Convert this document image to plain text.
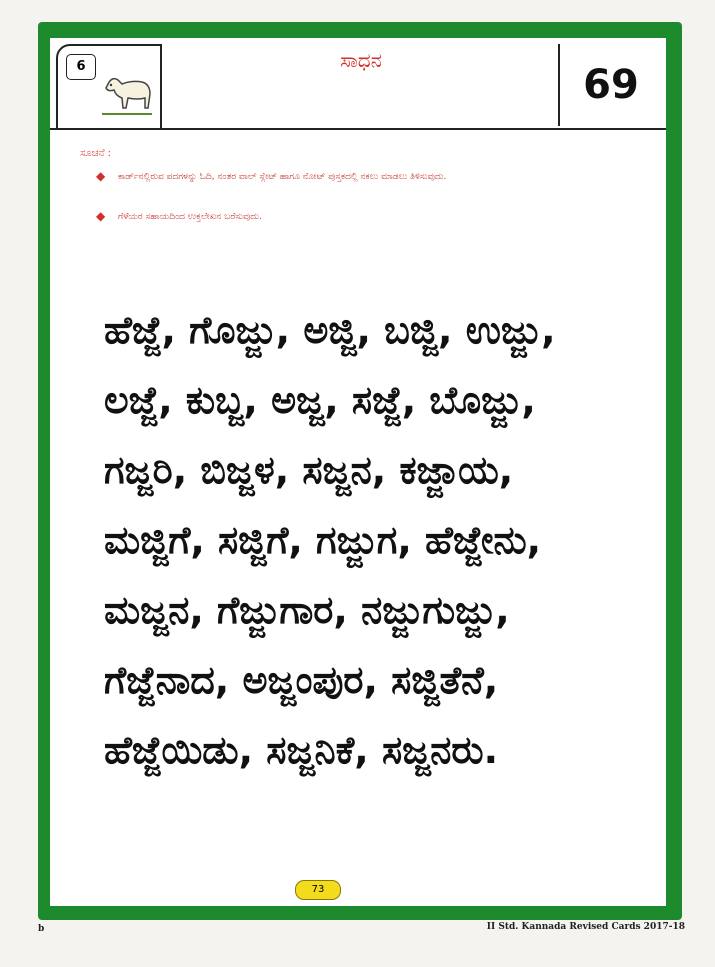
6	ಸಾಧನ
69
ಸೂಚನೆ :
◆ ಕಾರ್ಡ್‌ನಲ್ಲಿರುವ ಪದಗಳನ್ನು ಓದಿ, ನಂತರ ವಾಲ್ ಸ್ಲೇಟ್ ಹಾಗೂ ನೋಟ್ ಪುಸ್ತಕದಲ್ಲಿ ನಕಲು ಮಾಡಲು ತಿಳಿಸುವುದು.
◆ ಗೆಳೆಯರ ಸಹಾಯದಿಂದ ಉಕ್ತಲೇಖನ ಬರೆಸುವುದು.
ಹೆಜ್ಜೆ, ಗೊಜ್ಜು, ಅಜ್ಜಿ, ಬಜ್ಜಿ, ಉಜ್ಜು,
ಲಜ್ಜೆ, ಕುಬ್ಜ, ಅಜ್ಜ, ಸಜ್ಜೆ, ಬೊಜ್ಜು,
ಗಜ್ಜರಿ, ಬಿಜ್ಜಳ, ಸಜ್ಜನ, ಕಜ್ಜಾಯ,
ಮಜ್ಜಿಗೆ, ಸಜ್ಜಿಗೆ, ಗಜ್ಜುಗ, ಹೆಜ್ಜೇನು,
ಮಜ್ಜನ, ಗೆಜ್ಜುಗಾರ, ನಜ್ಜುಗುಜ್ಜು,
ಗೆಜ್ಜೆನಾದ, ಅಜ್ಜಂಪುರ, ಸಜ್ಜಿತೆನೆ,
ಹೆಜ್ಜೆಯಿಡು, ಸಜ್ಜನಿಕೆ, ಸಜ್ಜನರು.
73
b	II Std. Kannada Revised Cards 2017-18
